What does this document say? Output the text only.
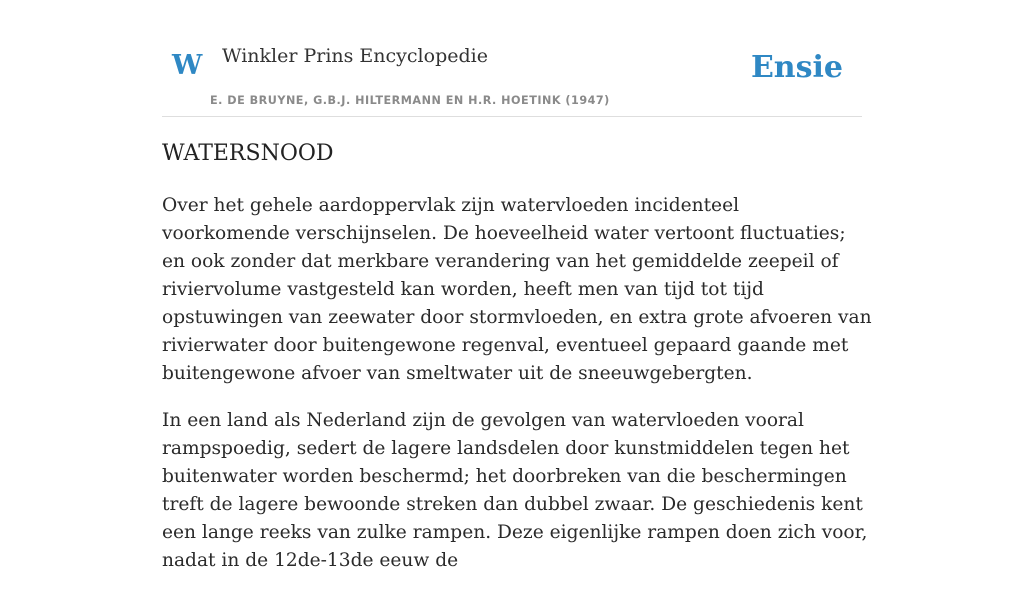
W Winkler Prins Encyclopedie
E. DE BRUYNE, G.B.J. HILTERMANN EN H.R. HOETINK (1947)
Ensie
WATERSNOOD

Over het gehele aardoppervlak zijn watervloeden incidenteel voorkomende verschijnselen. De hoeveelheid water vertoont fluctuaties; en ook zonder dat merkbare verandering van het gemiddelde zeepeil of riviervolume vastgesteld kan worden, heeft men van tijd tot tijd opstuwingen van zeewater door stormvloeden, en extra grote afvoeren van rivierwater door buitengewone regenval, eventueel gepaard gaande met buitengewone afvoer van smeltwater uit de sneeuwgebergten.

In een land als Nederland zijn de gevolgen van watervloeden vooral rampspoedig, sedert de lagere landsdelen door kunstmiddelen tegen het buitenwater worden beschermd; het doorbreken van die beschermingen treft de lagere bewoonde streken dan dubbel zwaar. De geschiedenis kent een lange reeks van zulke rampen. Deze eigenlijke rampen doen zich voor, nadat in de 12de-13de eeuw de
